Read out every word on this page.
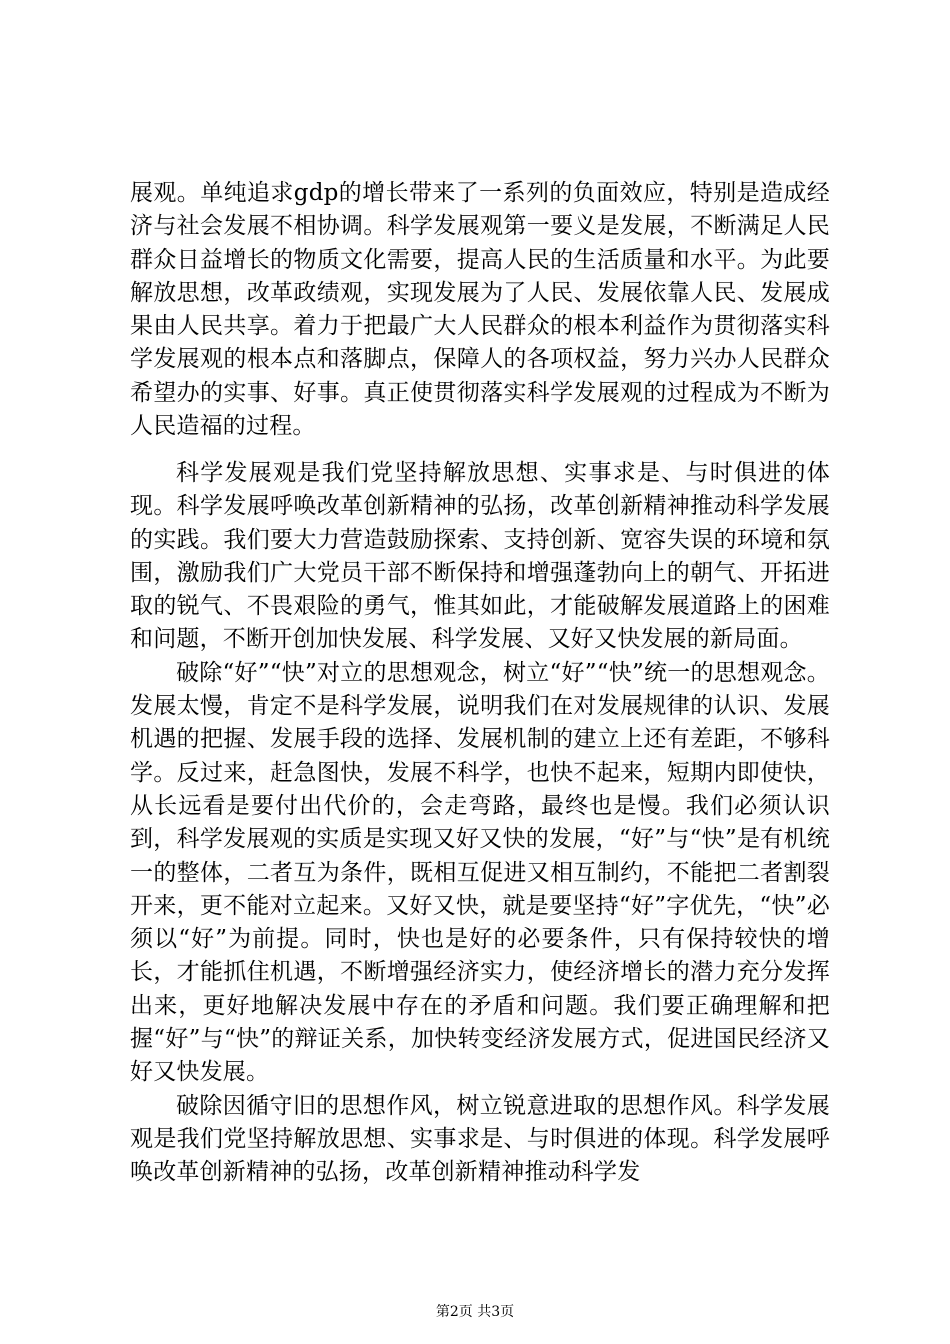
展观。单纯追求gdp的增长带来了一系列的负面效应，特别是造成经济与社会发展不相协调。科学发展观第一要义是发展，不断满足人民群众日益增长的物质文化需要，提高人民的生活质量和水平。为此要解放思想，改革政绩观，实现发展为了人民、发展依靠人民、发展成果由人民共享。着力于把最广大人民群众的根本利益作为贯彻落实科学发展观的根本点和落脚点，保障人的各项权益，努力兴办人民群众希望办的实事、好事。真正使贯彻落实科学发展观的过程成为不断为人民造福的过程。

科学发展观是我们党坚持解放思想、实事求是、与时俱进的体现。科学发展呼唤改革创新精神的弘扬，改革创新精神推动科学发展的实践。我们要大力营造鼓励探索、支持创新、宽容失误的环境和氛围，激励我们广大党员干部不断保持和增强蓬勃向上的朝气、开拓进取的锐气、不畏艰险的勇气，惟其如此，才能破解发展道路上的困难和问题，不断开创加快发展、科学发展、又好又快发展的新局面。

破除“好”“快”对立的思想观念，树立“好”“快”统一的思想观念。发展太慢，肯定不是科学发展，说明我们在对发展规律的认识、发展机遇的把握、发展手段的选择、发展机制的建立上还有差距，不够科学。反过来，赶急图快，发展不科学，也快不起来，短期内即使快，从长远看是要付出代价的，会走弯路，最终也是慢。我们必须认识到，科学发展观的实质是实现又好又快的发展，“好”与“快”是有机统一的整体，二者互为条件，既相互促进又相互制约，不能把二者割裂开来，更不能对立起来。又好又快，就是要坚持“好”字优先，“快”必须以“好”为前提。同时，快也是好的必要条件，只有保持较快的增长，才能抓住机遇，不断增强经济实力，使经济增长的潜力充分发挥出来，更好地解决发展中存在的矛盾和问题。我们要正确理解和把握“好”与“快”的辩证关系，加快转变经济发展方式，促进国民经济又好又快发展。

破除因循守旧的思想作风，树立锐意进取的思想作风。科学发展观是我们党坚持解放思想、实事求是、与时俱进的体现。科学发展呼唤改革创新精神的弘扬，改革创新精神推动科学发

第2页 共3页
